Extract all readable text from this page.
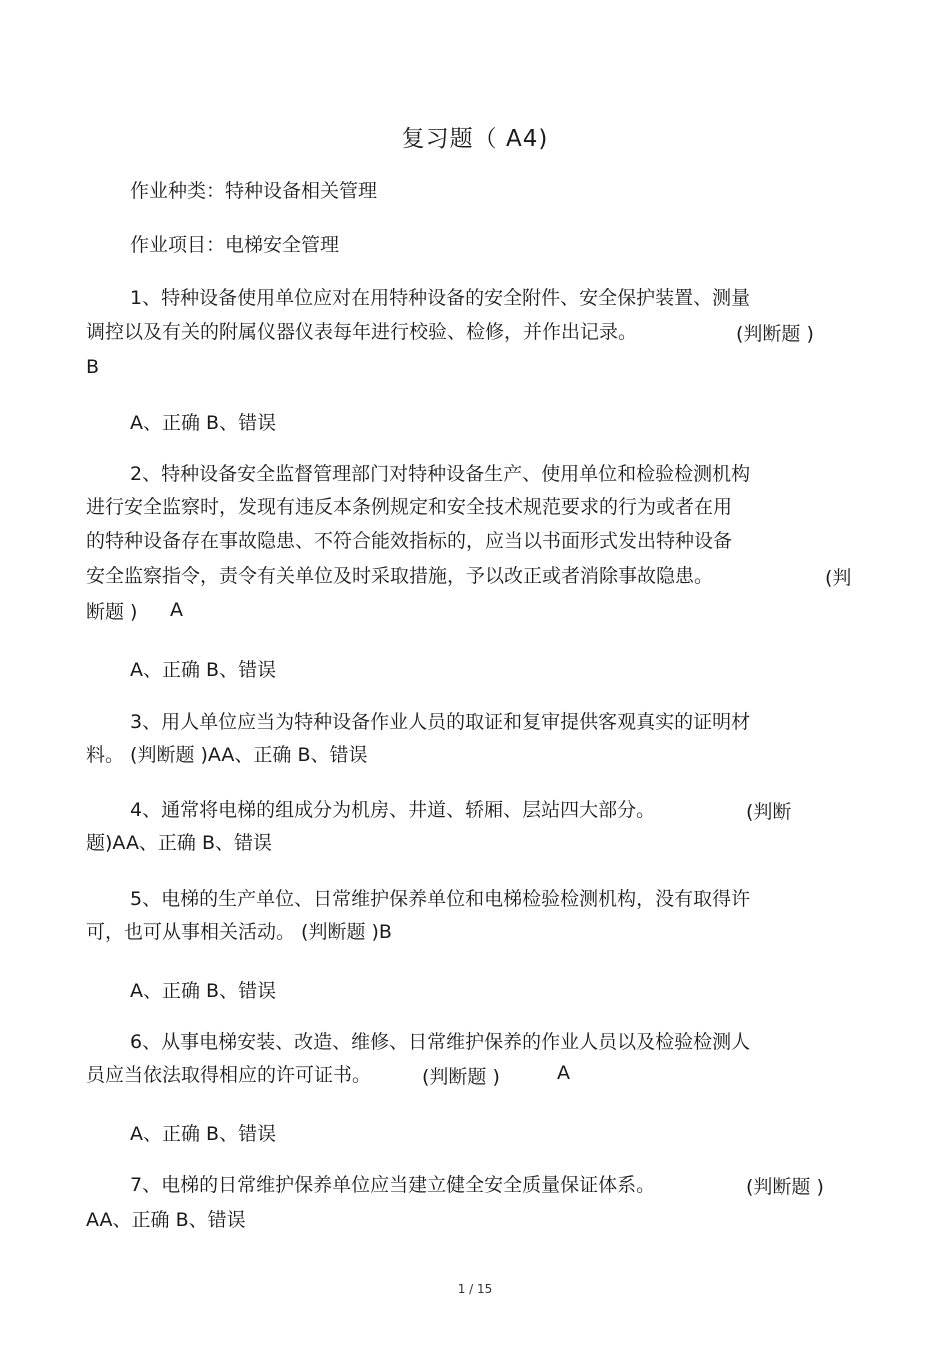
复习题（ A4)
作业种类：特种设备相关管理
作业项目：电梯安全管理
1、特种设备使用单位应对在用特种设备的安全附件、安全保护装置、测量
调控以及有关的附属仪器仪表每年进行校验、检修，并作出记录。	(判断题 )
B
A、正确 B、错误
2、特种设备安全监督管理部门对特种设备生产、使用单位和检验检测机构
进行安全监察时，发现有违反本条例规定和安全技术规范要求的行为或者在用
的特种设备存在事故隐患、不符合能效指标的，应当以书面形式发出特种设备
安全监察指令，责令有关单位及时采取措施，予以改正或者消除事故隐患。	(判
断题 ) A
A、正确 B、错误
3、用人单位应当为特种设备作业人员的取证和复审提供客观真实的证明材
料。 (判断题 )AA、正确 B、错误
4、通常将电梯的组成分为机房、井道、轿厢、层站四大部分。	(判断
题)AA、正确 B、错误
5、电梯的生产单位、日常维护保养单位和电梯检验检测机构，没有取得许
可，也可从事相关活动。 (判断题 )B
A、正确 B、错误
6、从事电梯安装、改造、维修、日常维护保养的作业人员以及检验检测人
员应当依法取得相应的许可证书。	(判断题 )	A
A、正确 B、错误
7、电梯的日常维护保养单位应当建立健全安全质量保证体系。	(判断题 )
AA、正确 B、错误
1 / 15
